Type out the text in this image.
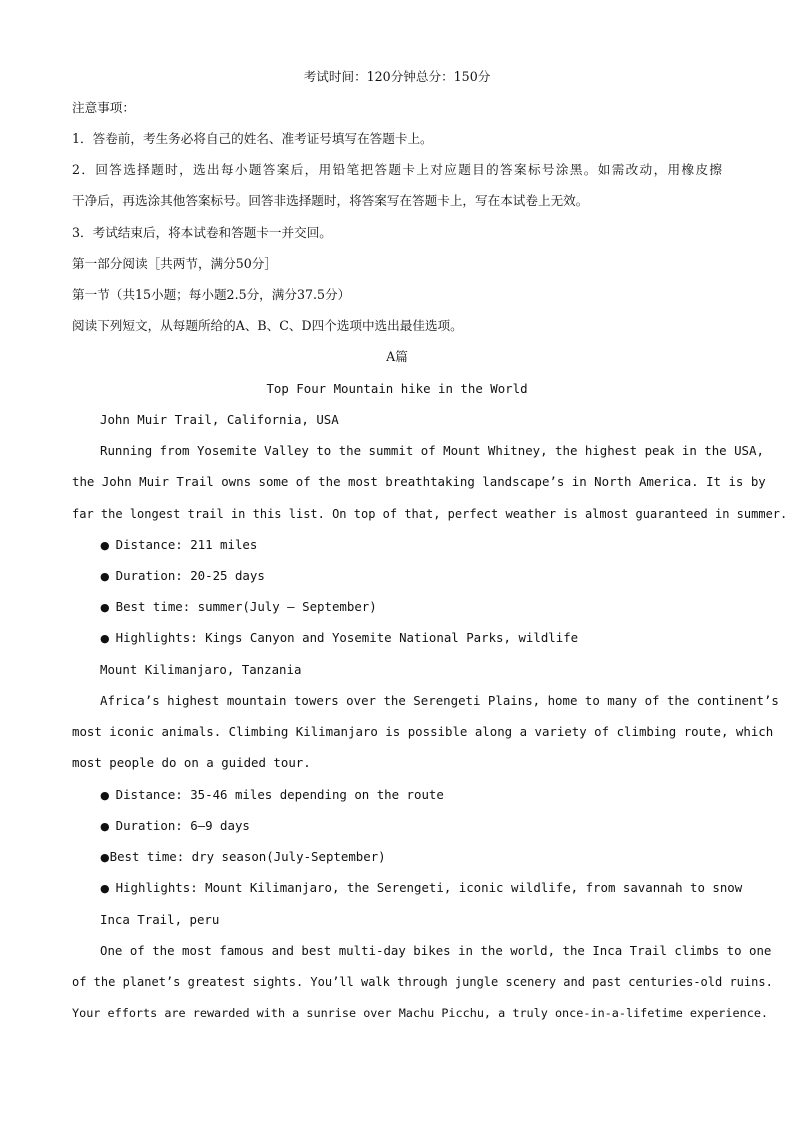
考试时间：120分钟总分：150分
注意事项：
1．答卷前，考生务必将自己的姓名、准考证号填写在答题卡上。
2．回答选择题时，选出每小题答案后，用铅笔把答题卡上对应题目的答案标号涂黑。如需改动，用橡皮擦
干净后，再选涂其他答案标号。回答非选择题时，将答案写在答题卡上，写在本试卷上无效。
3．考试结束后，将本试卷和答题卡一并交回。
第一部分阅读［共两节，满分50分］
第一节（共15小题；每小题2.5分，满分37.5分）
阅读下列短文，从每题所给的A、B、C、D四个选项中选出最佳选项。
A篇
Top Four Mountain hike in the World
John Muir Trail, California, USA
Running from Yosemite Valley to the summit of Mount Whitney, the highest peak in the USA,
the John Muir Trail owns some of the most breathtaking landscape’s in North America. It is by
far the longest trail in this list. On top of that, perfect weather is almost guaranteed in summer.
● Distance: 211 miles
● Duration: 20-25 days
● Best time: summer(July – September)
● Highlights: Kings Canyon and Yosemite National Parks, wildlife
Mount Kilimanjaro, Tanzania
Africa’s highest mountain towers over the Serengeti Plains, home to many of the continent’s
most iconic animals. Climbing Kilimanjaro is possible along a variety of climbing route, which
most people do on a guided tour.
● Distance: 35-46 miles depending on the route
● Duration: 6–9 days
●Best time: dry season(July-September)
● Highlights: Mount Kilimanjaro, the Serengeti, iconic wildlife, from savannah to snow
Inca Trail, peru
One of the most famous and best multi-day bikes in the world, the Inca Trail climbs to one
of the planet’s greatest sights. You’ll walk through jungle scenery and past centuries-old ruins.
Your efforts are rewarded with a sunrise over Machu Picchu, a truly once-in-a-lifetime experience.
